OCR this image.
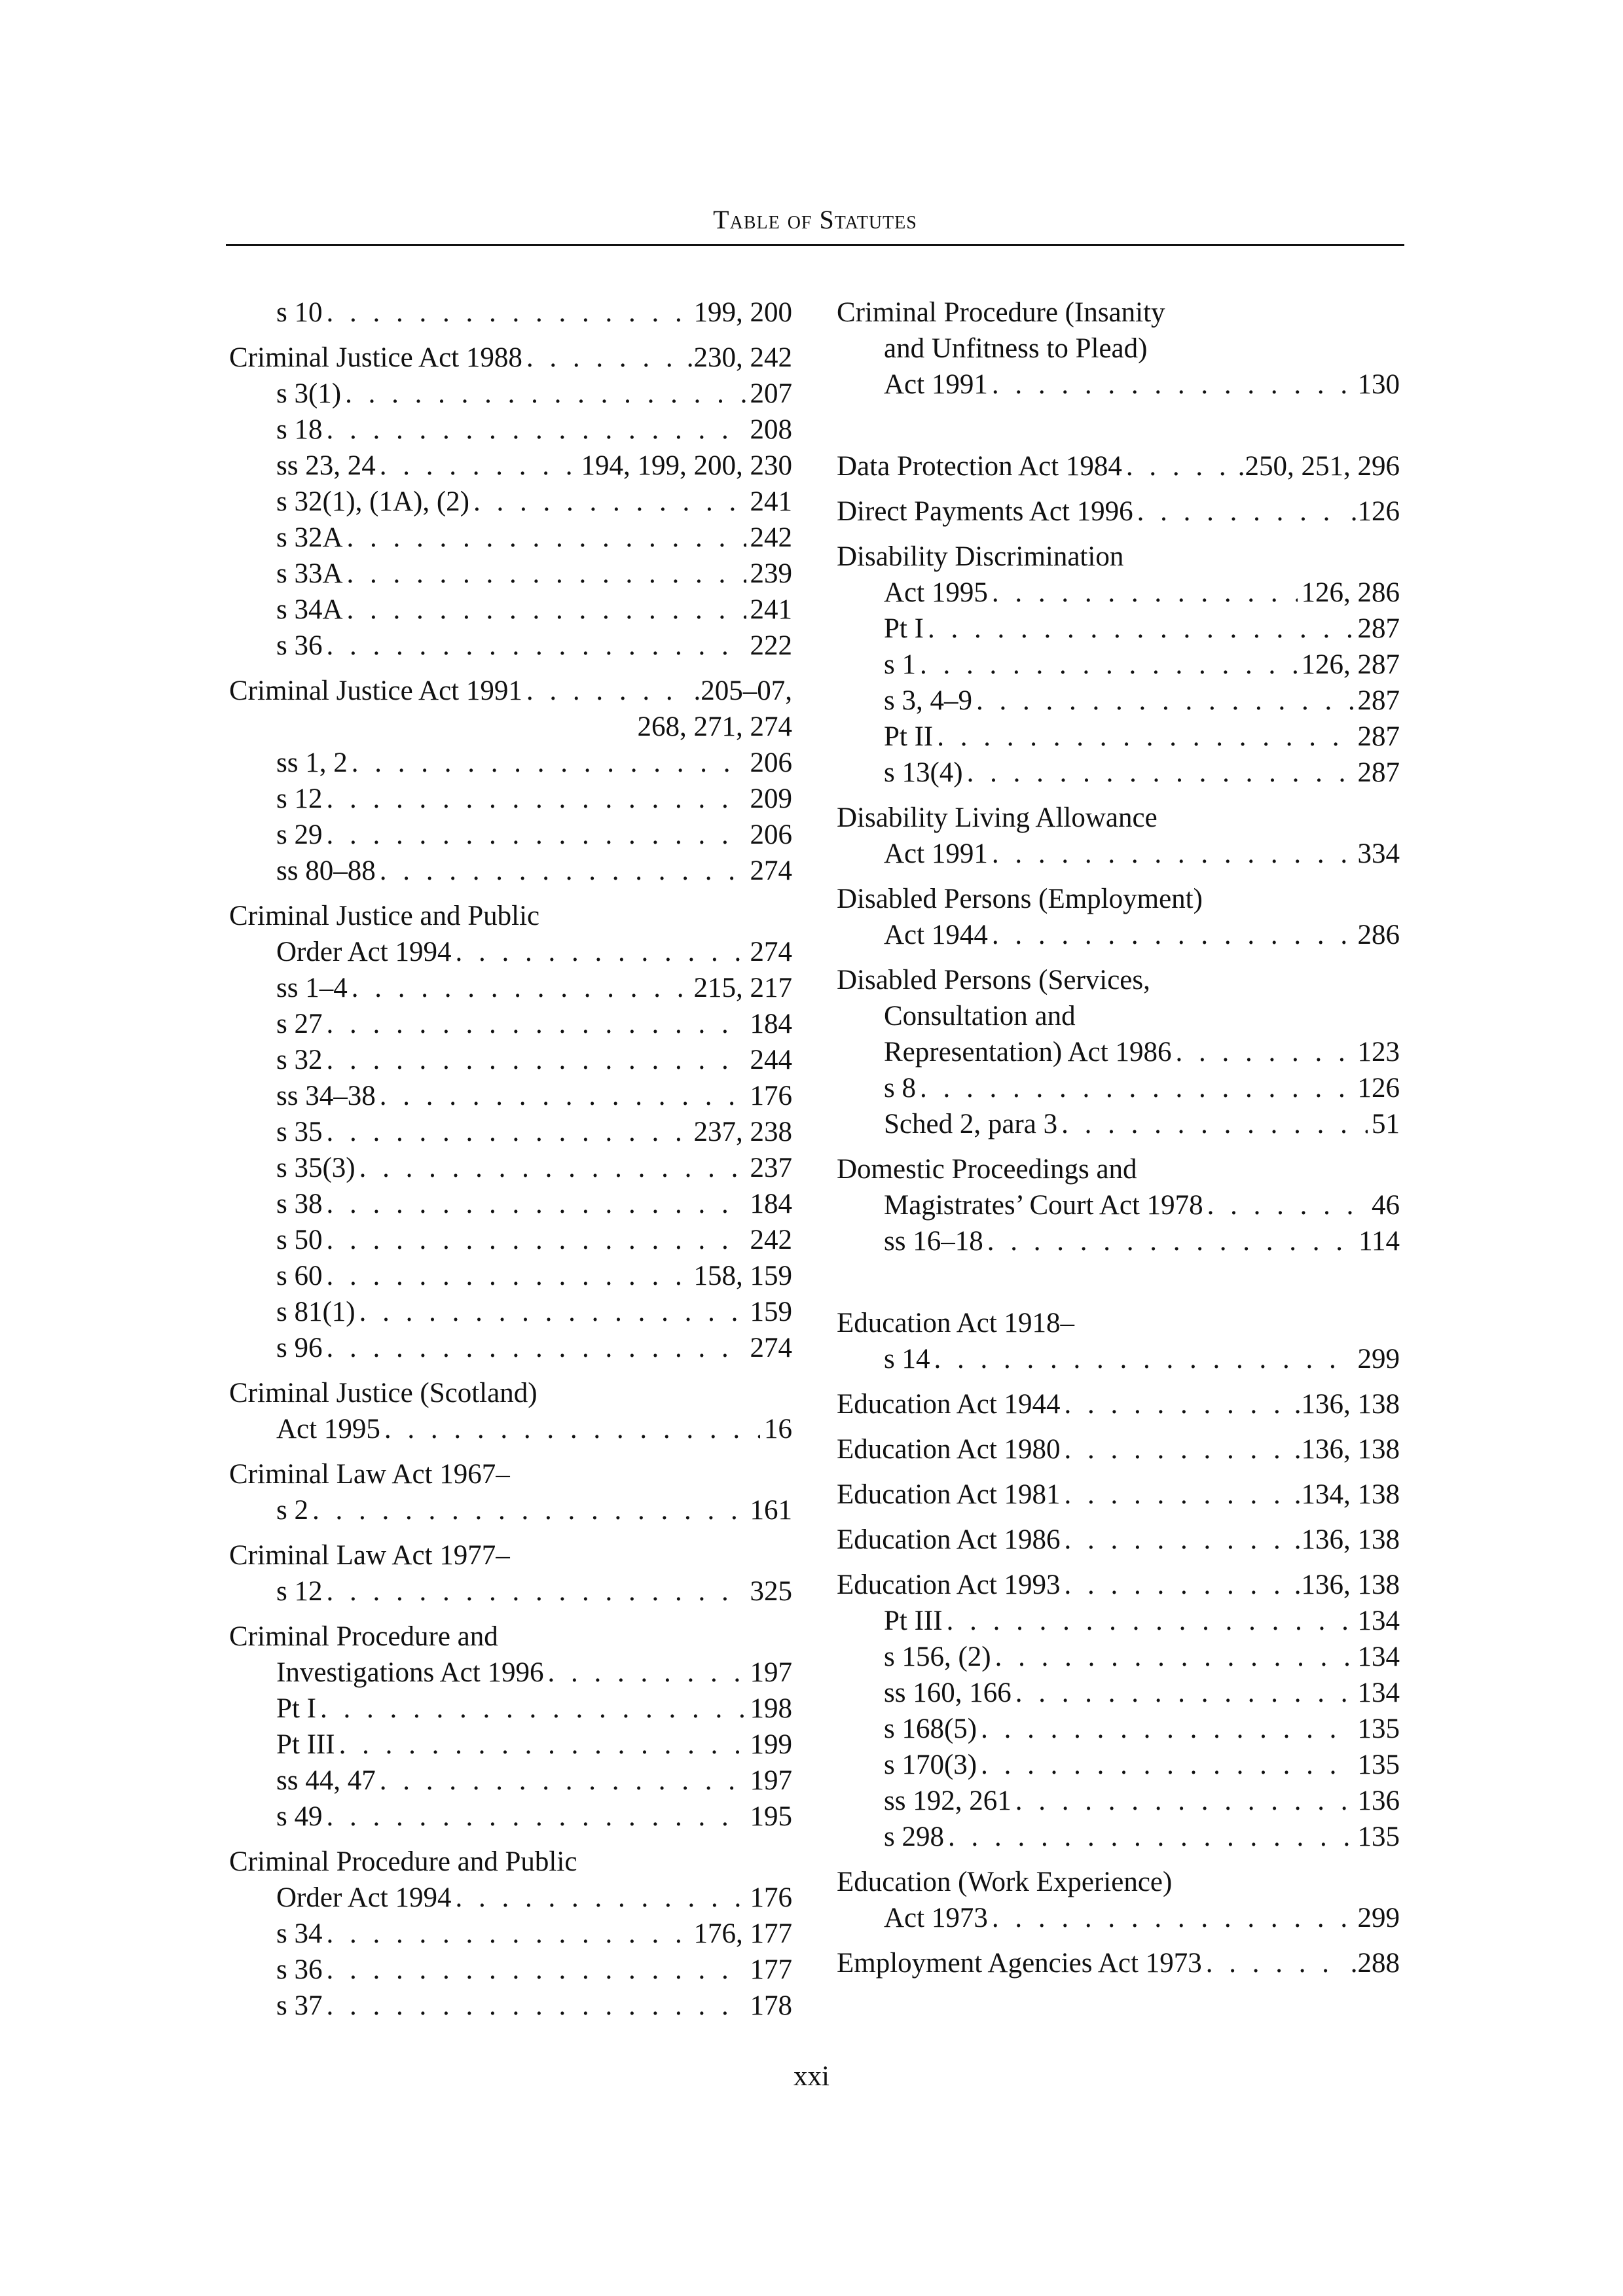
Table of Statutes
s 10 . . .	199, 200
Criminal Justice Act 1988 . . .	.230, 242
s 3(1) . . .	207
s 18 . . .	208
ss 23, 24 . . .	194, 199, 200, 230
s 32(1), (1A), (2) . . .	241
s 32A . . .	242
s 33A . . .	239
s 34A . . .	241
s 36 . . .	222
Criminal Justice Act 1991 . . .	.205–07,
268, 271, 274
ss 1, 2 . . .	206
s 12 . . .	209
s 29 . . .	206
ss 80–88 . . .	274
Criminal Justice and Public
Order Act 1994 . . .	274
ss 1–4 . . .	215, 217
s 27 . . .	184
s 32 . . .	244
ss 34–38 . . .	176
s 35 . . .	237, 238
s 35(3) . . .	237
s 38 . . .	184
s 50 . . .	242
s 60 . . .	158, 159
s 81(1) . . .	159
s 96 . . .	274
Criminal Justice (Scotland)
Act 1995 . . .	16
Criminal Law Act 1967–
s 2 . . .	161
Criminal Law Act 1977–
s 12 . . .	325
Criminal Procedure and
Investigations Act 1996 . . .	197
Pt I . . .	198
Pt III . . .	199
ss 44, 47 . . .	197
s 49 . . .	195
Criminal Procedure and Public
Order Act 1994 . . .	176
s 34 . . .	176, 177
s 36 . . .	177
s 37 . . .	178
Criminal Procedure (Insanity
and Unfitness to Plead)
Act 1991 . . .	130
Data Protection Act 1984 . . .	.250, 251, 296
Direct Payments Act 1996 . . .	.126
Disability Discrimination
Act 1995 . . .	126, 286
Pt I . . .	287
s 1 . . .	126, 287
s 3, 4–9 . . .	287
Pt II . . .	287
s 13(4) . . .	287
Disability Living Allowance
Act 1991 . . .	334
Disabled Persons (Employment)
Act 1944 . . .	286
Disabled Persons (Services,
Consultation and
Representation) Act 1986 . . .	123
s 8 . . .	126
Sched 2, para 3 . . .	51
Domestic Proceedings and
Magistrates’ Court Act 1978 . . .	46
ss 16–18 . . .	114
Education Act 1918–
s 14 . . .	299
Education Act 1944 . . .	.136, 138
Education Act 1980 . . .	.136, 138
Education Act 1981 . . .	.134, 138
Education Act 1986 . . .	.136, 138
Education Act 1993 . . .	.136, 138
Pt III . . .	134
s 156, (2) . . .	134
ss 160, 166 . . .	134
s 168(5) . . .	135
s 170(3) . . .	135
ss 192, 261 . . .	136
s 298 . . .	135
Education (Work Experience)
Act 1973 . . .	299
Employment Agencies Act 1973 . . .	.288
xxi
